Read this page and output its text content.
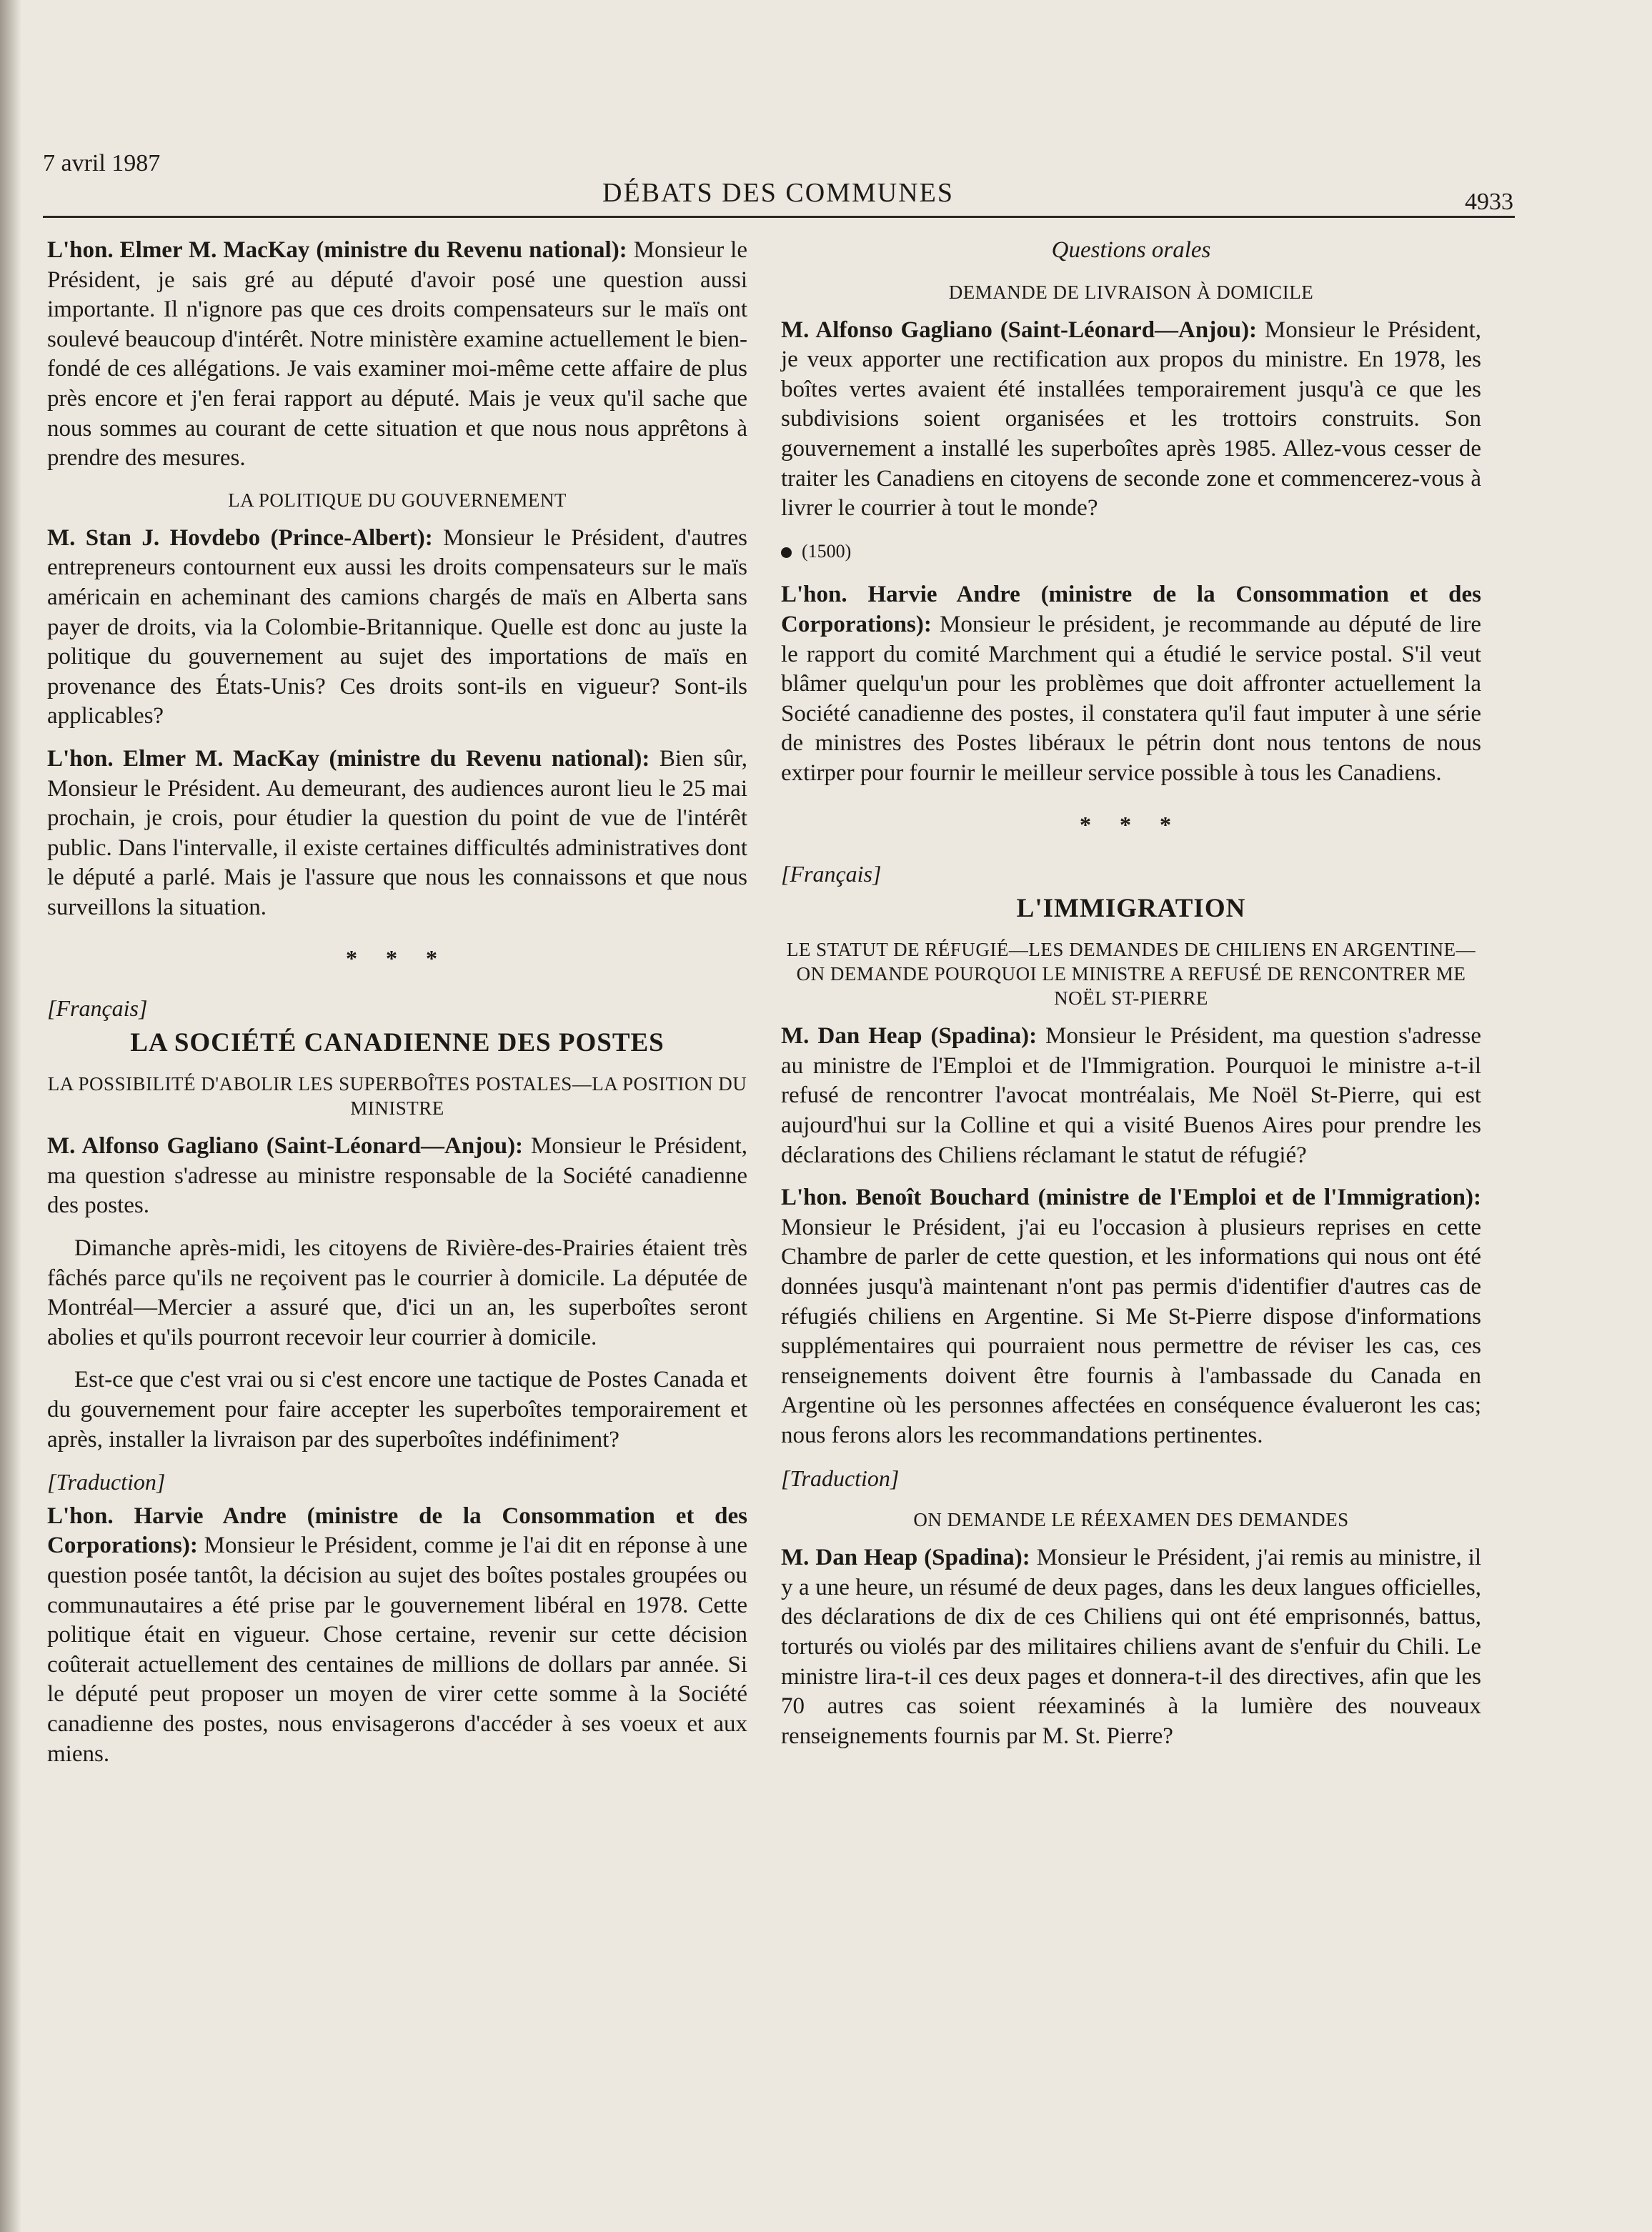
7 avril 1987
DÉBATS DES COMMUNES	4933

L'hon. Elmer M. MacKay (ministre du Revenu national): Monsieur le Président, je sais gré au député d'avoir posé une question aussi importante. Il n'ignore pas que ces droits compensateurs sur le maïs ont soulevé beaucoup d'intérêt. Notre ministère examine actuellement le bien-fondé de ces allégations. Je vais examiner moi-même cette affaire de plus près encore et j'en ferai rapport au député. Mais je veux qu'il sache que nous sommes au courant de cette situation et que nous nous apprêtons à prendre des mesures.

LA POLITIQUE DU GOUVERNEMENT

M. Stan J. Hovdebo (Prince-Albert): Monsieur le Président, d'autres entrepreneurs contournent eux aussi les droits compensateurs sur le maïs américain en acheminant des camions chargés de maïs en Alberta sans payer de droits, via la Colombie-Britannique. Quelle est donc au juste la politique du gouvernement au sujet des importations de maïs en provenance des États-Unis? Ces droits sont-ils en vigueur? Sont-ils applicables?

L'hon. Elmer M. MacKay (ministre du Revenu national): Bien sûr, Monsieur le Président. Au demeurant, des audiences auront lieu le 25 mai prochain, je crois, pour étudier la question du point de vue de l'intérêt public. Dans l'intervalle, il existe certaines difficultés administratives dont le député a parlé. Mais je l'assure que nous les connaissons et que nous surveillons la situation.

* * *
[Français]
LA SOCIÉTÉ CANADIENNE DES POSTES
LA POSSIBILITÉ D'ABOLIR LES SUPERBOÎTES POSTALES—LA POSITION DU MINISTRE

M. Alfonso Gagliano (Saint-Léonard—Anjou): Monsieur le Président, ma question s'adresse au ministre responsable de la Société canadienne des postes.

Dimanche après-midi, les citoyens de Rivière-des-Prairies étaient très fâchés parce qu'ils ne reçoivent pas le courrier à domicile. La députée de Montréal—Mercier a assuré que, d'ici un an, les superboîtes seront abolies et qu'ils pourront recevoir leur courrier à domicile.

Est-ce que c'est vrai ou si c'est encore une tactique de Postes Canada et du gouvernement pour faire accepter les superboîtes temporairement et après, installer la livraison par des superboîtes indéfiniment?

[Traduction]

L'hon. Harvie Andre (ministre de la Consommation et des Corporations): Monsieur le Président, comme je l'ai dit en réponse à une question posée tantôt, la décision au sujet des boîtes postales groupées ou communautaires a été prise par le gouvernement libéral en 1978. Cette politique était en vigueur. Chose certaine, revenir sur cette décision coûterait actuellement des centaines de millions de dollars par année. Si le député peut proposer un moyen de virer cette somme à la Société canadienne des postes, nous envisagerons d'accéder à ses voeux et aux miens.

Questions orales
DEMANDE DE LIVRAISON À DOMICILE

M. Alfonso Gagliano (Saint-Léonard—Anjou): Monsieur le Président, je veux apporter une rectification aux propos du ministre. En 1978, les boîtes vertes avaient été installées temporairement jusqu'à ce que les subdivisions soient organisées et les trottoirs construits. Son gouvernement a installé les superboîtes après 1985. Allez-vous cesser de traiter les Canadiens en citoyens de seconde zone et commencerez-vous à livrer le courrier à tout le monde?

(1500)

L'hon. Harvie Andre (ministre de la Consommation et des Corporations): Monsieur le président, je recommande au député de lire le rapport du comité Marchment qui a étudié le service postal. S'il veut blâmer quelqu'un pour les problèmes que doit affronter actuellement la Société canadienne des postes, il constatera qu'il faut imputer à une série de ministres des Postes libéraux le pétrin dont nous tentons de nous extirper pour fournir le meilleur service possible à tous les Canadiens.

* * *
[Français]
L'IMMIGRATION
LE STATUT DE RÉFUGIÉ—LES DEMANDES DE CHILIENS EN ARGENTINE—ON DEMANDE POURQUOI LE MINISTRE A REFUSÉ DE RENCONTRER ME NOËL ST-PIERRE

M. Dan Heap (Spadina): Monsieur le Président, ma question s'adresse au ministre de l'Emploi et de l'Immigration. Pourquoi le ministre a-t-il refusé de rencontrer l'avocat montréalais, Me Noël St-Pierre, qui est aujourd'hui sur la Colline et qui a visité Buenos Aires pour prendre les déclarations des Chiliens réclamant le statut de réfugié?

L'hon. Benoît Bouchard (ministre de l'Emploi et de l'Immigration): Monsieur le Président, j'ai eu l'occasion à plusieurs reprises en cette Chambre de parler de cette question, et les informations qui nous ont été données jusqu'à maintenant n'ont pas permis d'identifier d'autres cas de réfugiés chiliens en Argentine. Si Me St-Pierre dispose d'informations supplémentaires qui pourraient nous permettre de réviser les cas, ces renseignements doivent être fournis à l'ambassade du Canada en Argentine où les personnes affectées en conséquence évalueront les cas; nous ferons alors les recommandations pertinentes.

[Traduction]
ON DEMANDE LE RÉEXAMEN DES DEMANDES

M. Dan Heap (Spadina): Monsieur le Président, j'ai remis au ministre, il y a une heure, un résumé de deux pages, dans les deux langues officielles, des déclarations de dix de ces Chiliens qui ont été emprisonnés, battus, torturés ou violés par des militaires chiliens avant de s'enfuir du Chili. Le ministre lira-t-il ces deux pages et donnera-t-il des directives, afin que les 70 autres cas soient réexaminés à la lumière des nouveaux renseignements fournis par M. St. Pierre?
